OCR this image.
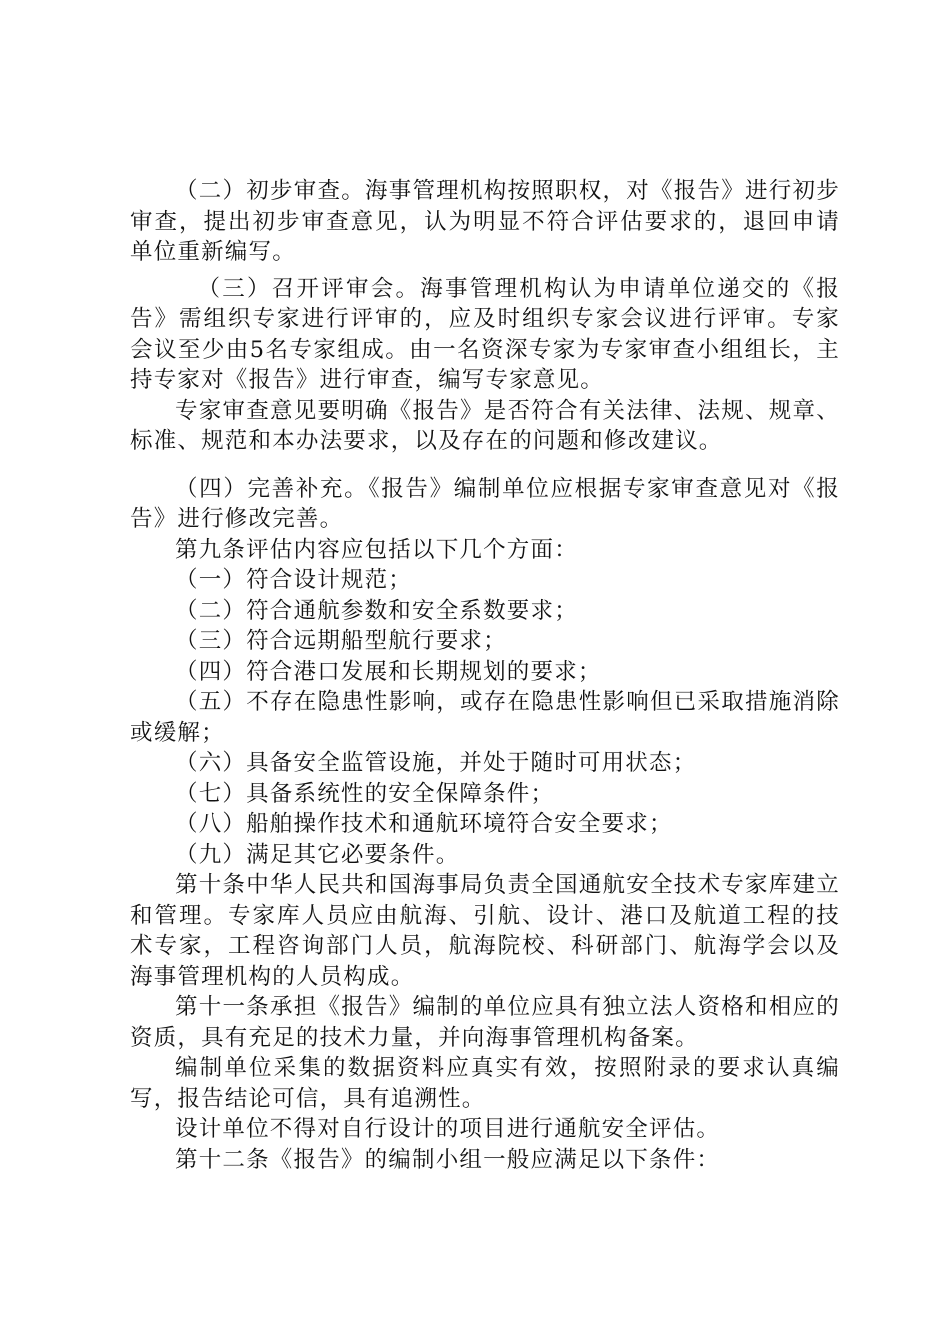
（二）初步审查。海事管理机构按照职权，对《报告》进行初步审查，提出初步审查意见，认为明显不符合评估要求的，退回申请单位重新编写。

（三）召开评审会。海事管理机构认为申请单位递交的《报告》需组织专家进行评审的，应及时组织专家会议进行评审。专家会议至少由5名专家组成。由一名资深专家为专家审查小组组长，主持专家对《报告》进行审查，编写专家意见。

专家审查意见要明确《报告》是否符合有关法律、法规、规章、标准、规范和本办法要求，以及存在的问题和修改建议。

（四）完善补充。《报告》编制单位应根据专家审查意见对《报告》进行修改完善。

第九条评估内容应包括以下几个方面：

（一）符合设计规范；

（二）符合通航参数和安全系数要求；

（三）符合远期船型航行要求；

（四）符合港口发展和长期规划的要求；

（五）不存在隐患性影响，或存在隐患性影响但已采取措施消除或缓解；

（六）具备安全监管设施，并处于随时可用状态；

（七）具备系统性的安全保障条件；

（八）船舶操作技术和通航环境符合安全要求；

（九）满足其它必要条件。

第十条中华人民共和国海事局负责全国通航安全技术专家库建立和管理。专家库人员应由航海、引航、设计、港口及航道工程的技术专家，工程咨询部门人员，航海院校、科研部门、航海学会以及海事管理机构的人员构成。

第十一条承担《报告》编制的单位应具有独立法人资格和相应的资质，具有充足的技术力量，并向海事管理机构备案。

编制单位采集的数据资料应真实有效，按照附录的要求认真编写，报告结论可信，具有追溯性。

设计单位不得对自行设计的项目进行通航安全评估。

第十二条《报告》的编制小组一般应满足以下条件：
